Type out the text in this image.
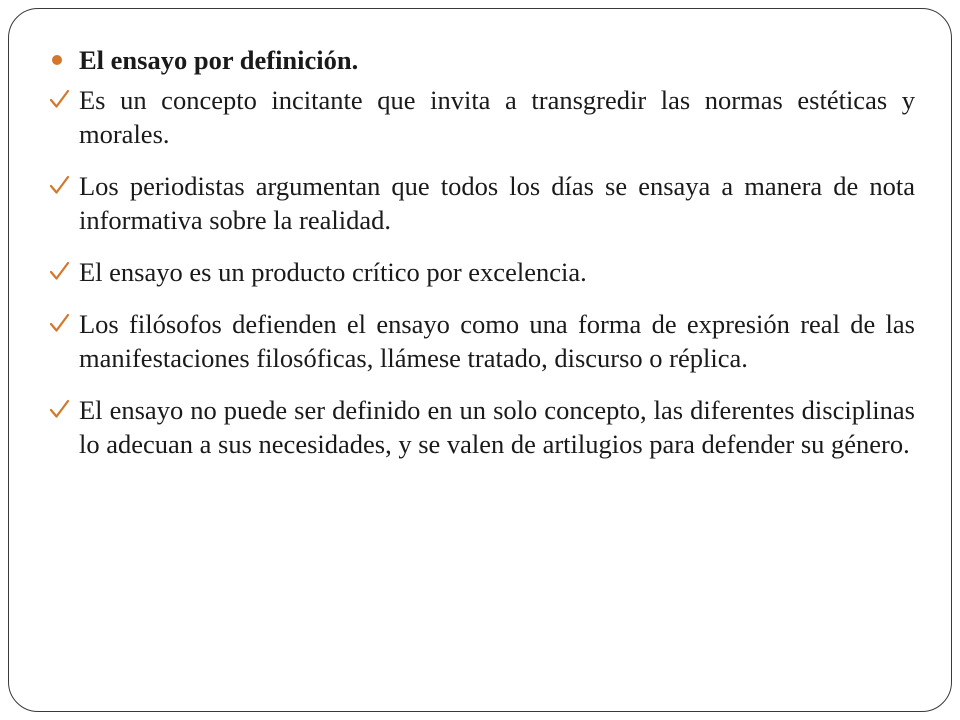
El ensayo por definición.
Es un concepto incitante que invita a transgredir las normas estéticas y morales.
Los periodistas argumentan que todos los días se ensaya a manera de nota informativa sobre la realidad.
El ensayo es un producto crítico por excelencia.
Los filósofos defienden el ensayo como una forma de expresión real de las manifestaciones filosóficas, llámese tratado, discurso o réplica.
El ensayo no puede ser definido en un solo concepto, las diferentes disciplinas lo adecuan a sus necesidades, y se valen de artilugios para defender su género.
